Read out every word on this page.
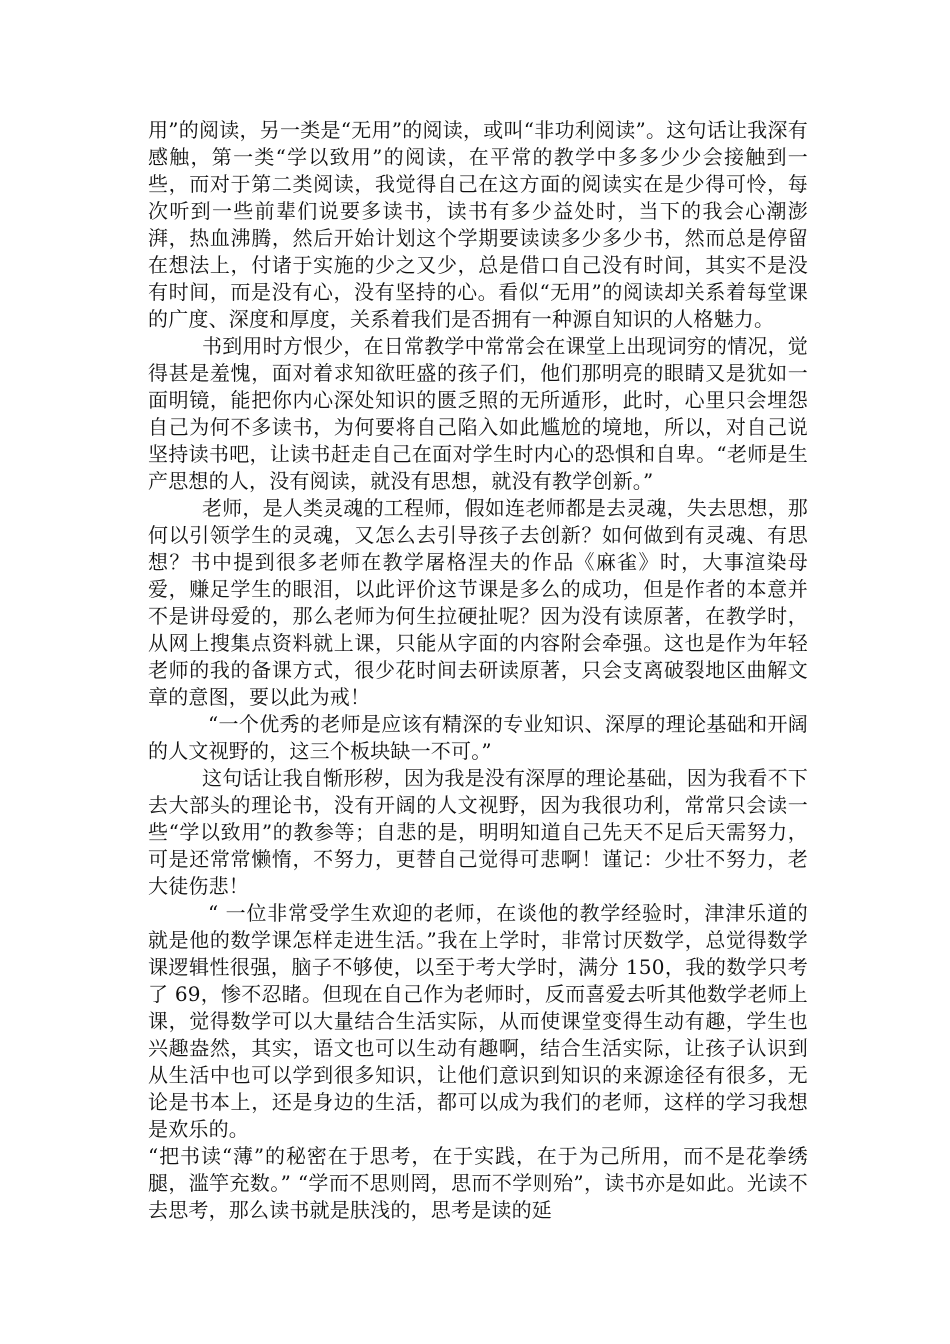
用”的阅读，另一类是“无用”的阅读，或叫“非功利阅读”。这句话让我深有感触，第一类“学以致用”的阅读，在平常的教学中多多少少会接触到一些，而对于第二类阅读，我觉得自己在这方面的阅读实在是少得可怜，每次听到一些前辈们说要多读书，读书有多少益处时，当下的我会心潮澎湃，热血沸腾，然后开始计划这个学期要读读多少多少书，然而总是停留在想法上，付诸于实施的少之又少，总是借口自己没有时间，其实不是没有时间，而是没有心，没有坚持的心。看似“无用”的阅读却关系着每堂课的广度、深度和厚度，关系着我们是否拥有一种源自知识的人格魅力。

书到用时方恨少，在日常教学中常常会在课堂上出现词穷的情况，觉得甚是羞愧，面对着求知欲旺盛的孩子们，他们那明亮的眼睛又是犹如一面明镜，能把你内心深处知识的匮乏照的无所遁形，此时，心里只会埋怨自己为何不多读书，为何要将自己陷入如此尴尬的境地，所以，对自己说坚持读书吧，让读书赶走自己在面对学生时内心的恐惧和自卑。“老师是生产思想的人，没有阅读，就没有思想，就没有教学创新。”

老师，是人类灵魂的工程师，假如连老师都是去灵魂，失去思想，那何以引领学生的灵魂，又怎么去引导孩子去创新？如何做到有灵魂、有思想？书中提到很多老师在教学屠格涅夫的作品《麻雀》时，大事渲染母爱，赚足学生的眼泪，以此评价这节课是多么的成功，但是作者的本意并不是讲母爱的，那么老师为何生拉硬扯呢？因为没有读原著，在教学时，从网上搜集点资料就上课，只能从字面的内容附会牵强。这也是作为年轻老师的我的备课方式，很少花时间去研读原著，只会支离破裂地区曲解文章的意图，要以此为戒！

“一个优秀的老师是应该有精深的专业知识、深厚的理论基础和开阔的人文视野的，这三个板块缺一不可。”

这句话让我自惭形秽，因为我是没有深厚的理论基础，因为我看不下去大部头的理论书，没有开阔的人文视野，因为我很功利，常常只会读一些“学以致用”的教参等；自悲的是，明明知道自己先天不足后天需努力，可是还常常懒惰，不努力，更替自己觉得可悲啊！谨记：少壮不努力，老大徒伤悲！

“ 一位非常受学生欢迎的老师，在谈他的教学经验时，津津乐道的就是他的数学课怎样走进生活。”我在上学时，非常讨厌数学，总觉得数学课逻辑性很强，脑子不够使，以至于考大学时，满分 150，我的数学只考了 69，惨不忍睹。但现在自己作为老师时，反而喜爱去听其他数学老师上课，觉得数学可以大量结合生活实际，从而使课堂变得生动有趣，学生也兴趣盎然，其实，语文也可以生动有趣啊，结合生活实际，让孩子认识到从生活中也可以学到很多知识，让他们意识到知识的来源途径有很多，无论是书本上，还是身边的生活，都可以成为我们的老师，这样的学习我想是欢乐的。

“把书读“薄”的秘密在于思考，在于实践，在于为己所用，而不是花拳绣腿，滥竽充数。” “学而不思则罔，思而不学则殆”，读书亦是如此。光读不去思考，那么读书就是肤浅的，思考是读的延
